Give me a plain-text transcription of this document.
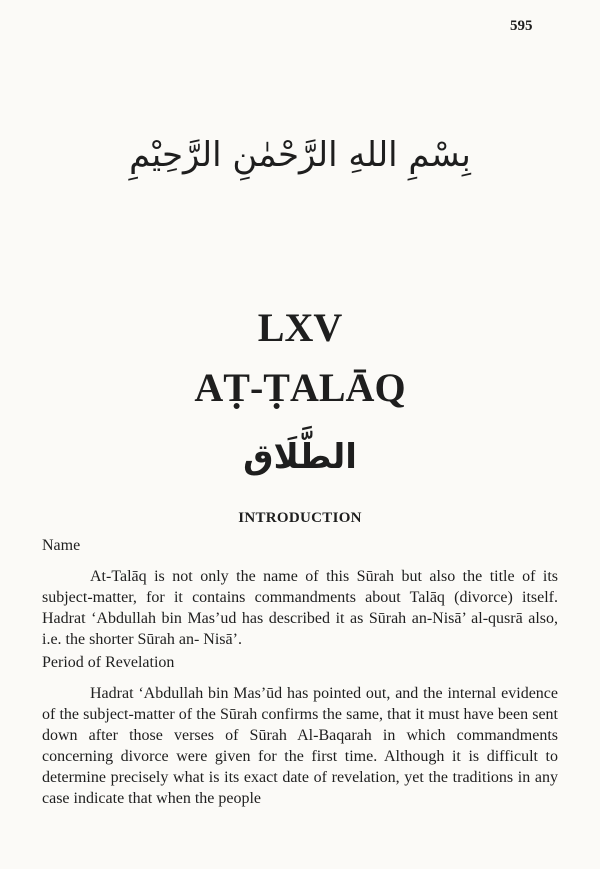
595
بِسْمِ اللهِ الرَّحْمٰنِ الرَّحِيْمِ
LXV
AṬ-ṬALĀQ
الطَّلَاق
INTRODUCTION
Name

At-Talāq is not only the name of this Sūrah but also the title of its subject-matter, for it contains commandments about Talāq (divorce) itself. Hadrat ‘Abdullah bin Mas’ud has described it as Sūrah an-Nisā’ al-qusrā also, i.e. the shorter Sūrah an- Nisā’.

Period of Revelation

Hadrat ‘Abdullah bin Mas’ūd has pointed out, and the internal evidence of the subject-matter of the Sūrah confirms the same, that it must have been sent down after those verses of Sūrah Al-Baqarah in which commandments concerning divorce were given for the first time. Although it is difficult to determine precisely what is its exact date of revelation, yet the traditions in any case indicate that when the people
